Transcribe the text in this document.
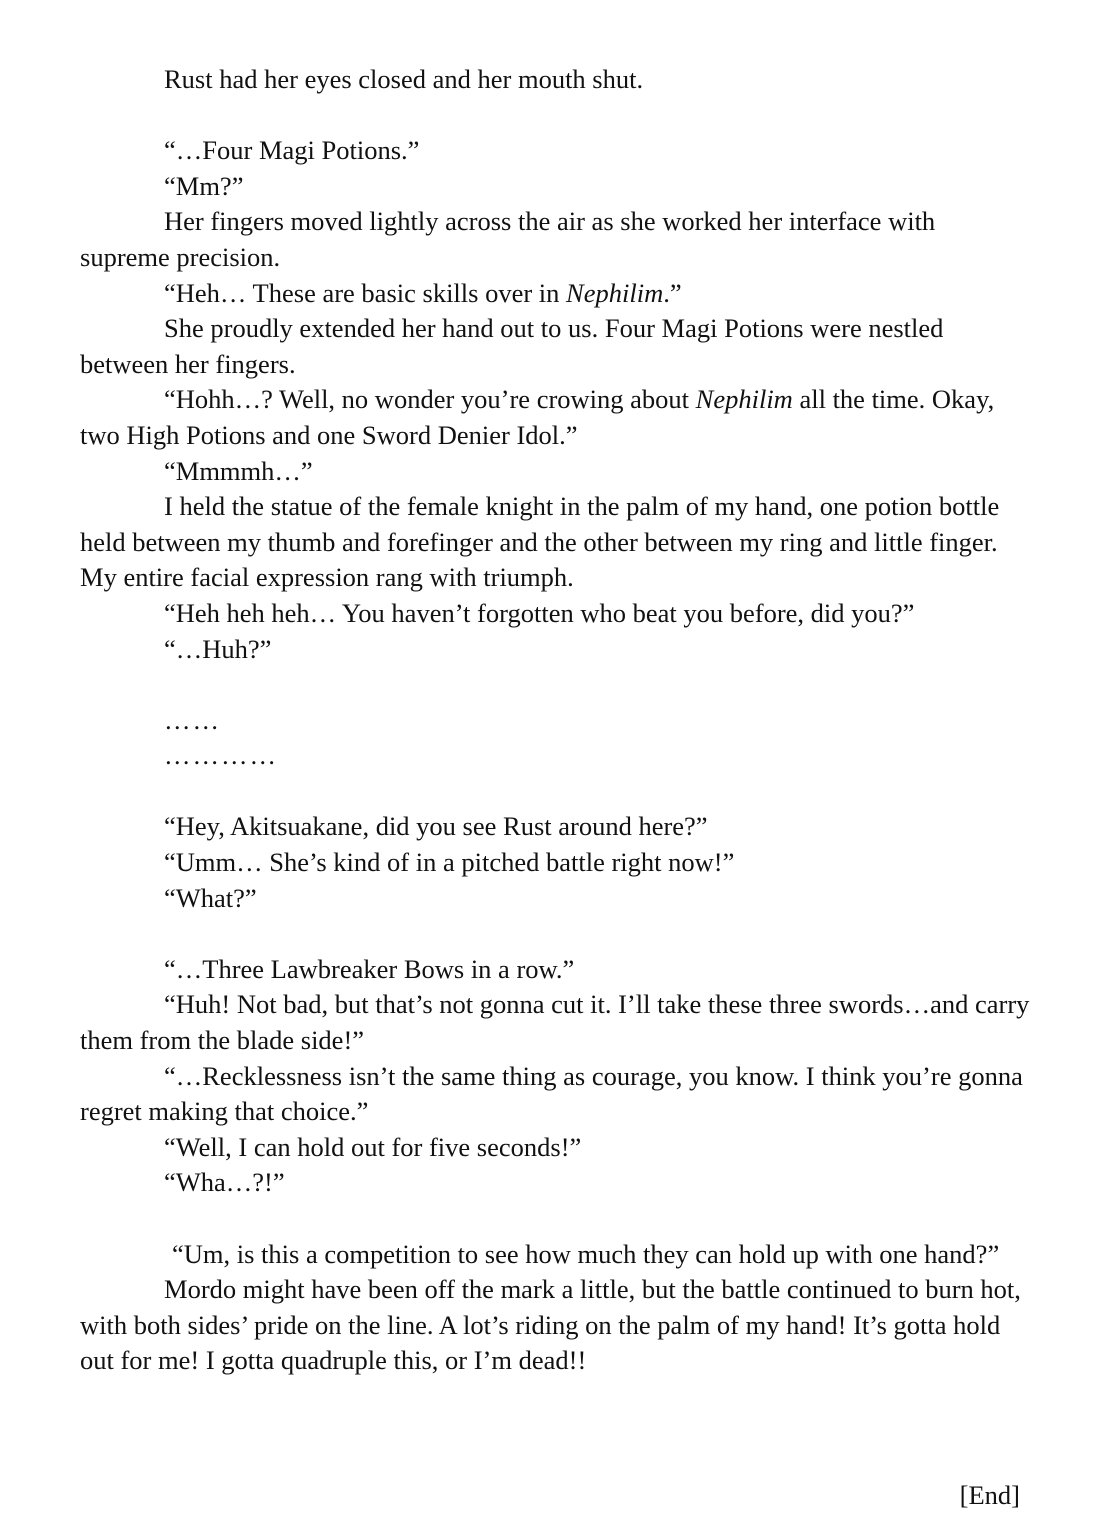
Rust had her eyes closed and her mouth shut.

“…Four Magi Potions.”

“Mm?”

Her fingers moved lightly across the air as she worked her interface with supreme precision.

“Heh… These are basic skills over in Nephilim.”

She proudly extended her hand out to us. Four Magi Potions were nestled between her fingers.

“Hohh…? Well, no wonder you’re crowing about Nephilim all the time. Okay, two High Potions and one Sword Denier Idol.”

“Mmmmh…”

I held the statue of the female knight in the palm of my hand, one potion bottle held between my thumb and forefinger and the other between my ring and little finger. My entire facial expression rang with triumph.

“Heh heh heh… You haven’t forgotten who beat you before, did you?”

“…Huh?”

……

…………

“Hey, Akitsuakane, did you see Rust around here?”

“Umm… She’s kind of in a pitched battle right now!”

“What?”

“…Three Lawbreaker Bows in a row.”

“Huh! Not bad, but that’s not gonna cut it. I’ll take these three swords…and carry them from the blade side!”

“…Recklessness isn’t the same thing as courage, you know. I think you’re gonna regret making that choice.”

“Well, I can hold out for five seconds!”

“Wha…?!”

“Um, is this a competition to see how much they can hold up with one hand?”

Mordo might have been off the mark a little, but the battle continued to burn hot, with both sides’ pride on the line. A lot’s riding on the palm of my hand! It’s gotta hold out for me! I gotta quadruple this, or I’m dead!!

[End]
